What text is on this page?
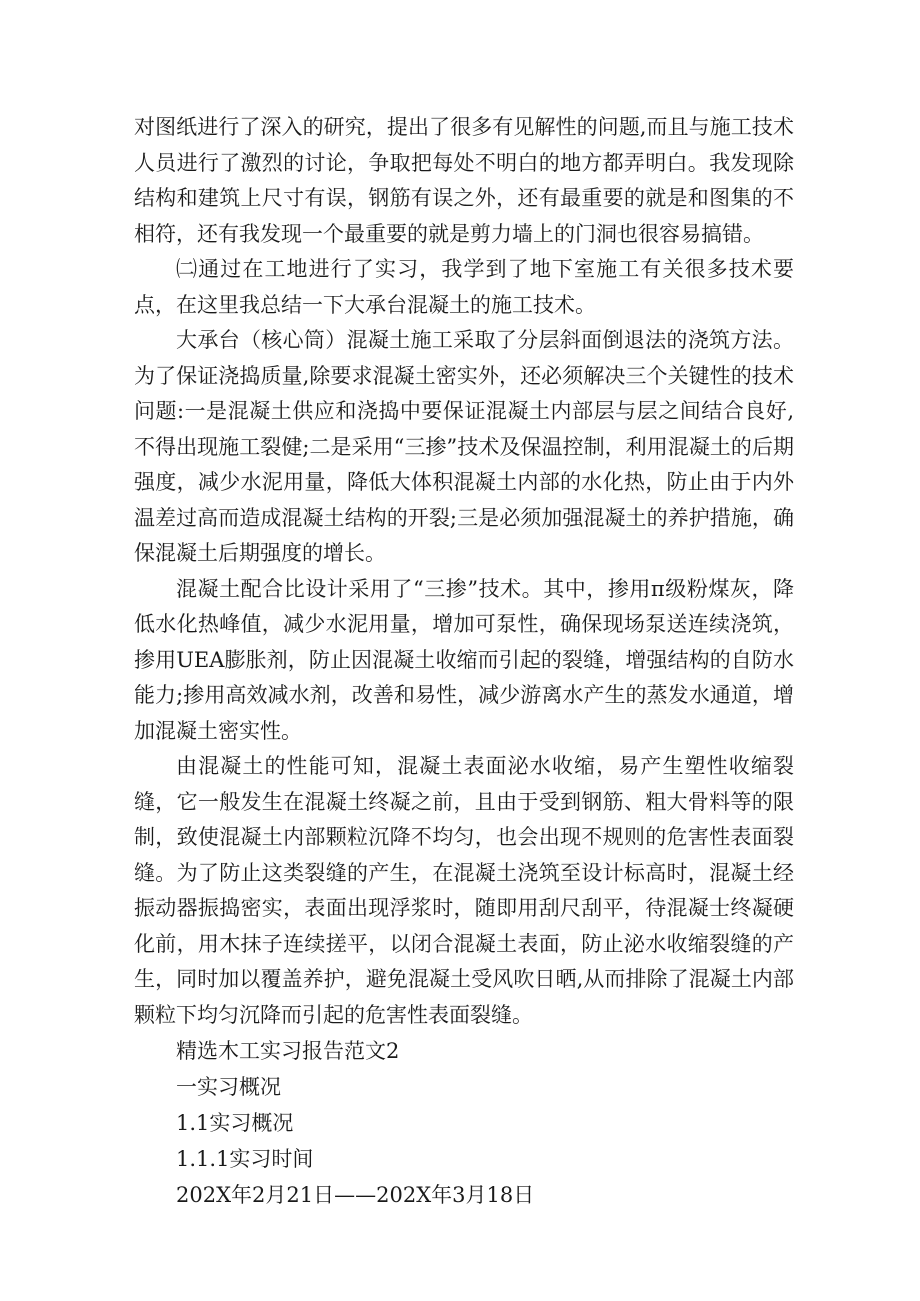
对图纸进行了深入的研究，提出了很多有见解性的问题,而且与施工技术人员进行了激烈的讨论，争取把每处不明白的地方都弄明白。我发现除结构和建筑上尺寸有误，钢筋有误之外，还有最重要的就是和图集的不相符，还有我发现一个最重要的就是剪力墙上的门洞也很容易搞错。

㈡通过在工地进行了实习，我学到了地下室施工有关很多技术要点，在这里我总结一下大承台混凝土的施工技术。

大承台（核心筒）混凝土施工采取了分层斜面倒退法的浇筑方法。为了保证浇捣质量,除要求混凝土密实外，还必须解决三个关键性的技术问题:一是混凝土供应和浇捣中要保证混凝土内部层与层之间结合良好,不得出现施工裂健;二是采用“三掺”技术及保温控制，利用混凝土的后期强度，减少水泥用量，降低大体积混凝土内部的水化热，防止由于内外温差过高而造成混凝土结构的开裂;三是必须加强混凝土的养护措施，确保混凝土后期强度的增长。

混凝土配合比设计采用了“三掺”技术。其中，掺用π级粉煤灰，降低水化热峰值，减少水泥用量，增加可泵性，确保现场泵送连续浇筑，掺用UEA膨胀剂，防止因混凝土收缩而引起的裂缝，增强结构的自防水能力;掺用高效减水剂，改善和易性，减少游离水产生的蒸发水通道，增加混凝土密实性。

由混凝土的性能可知，混凝土表面泌水收缩，易产生塑性收缩裂缝，它一般发生在混凝土终凝之前，且由于受到钢筋、粗大骨料等的限制，致使混凝土内部颗粒沉降不均匀，也会出现不规则的危害性表面裂缝。为了防止这类裂缝的产生，在混凝土浇筑至设计标高时，混凝土经振动器振捣密实，表面出现浮浆时，随即用刮尺刮平，待混凝士终凝硬化前，用木抹子连续搓平，以闭合混凝土表面，防止泌水收缩裂缝的产生，同时加以覆盖养护，避免混凝土受风吹日晒,从而排除了混凝土内部颗粒下均匀沉降而引起的危害性表面裂缝。

精选木工实习报告范文2

一实习概况

1.1实习概况

1.1.1实习时间

202X年2月21日——202X年3月18日
